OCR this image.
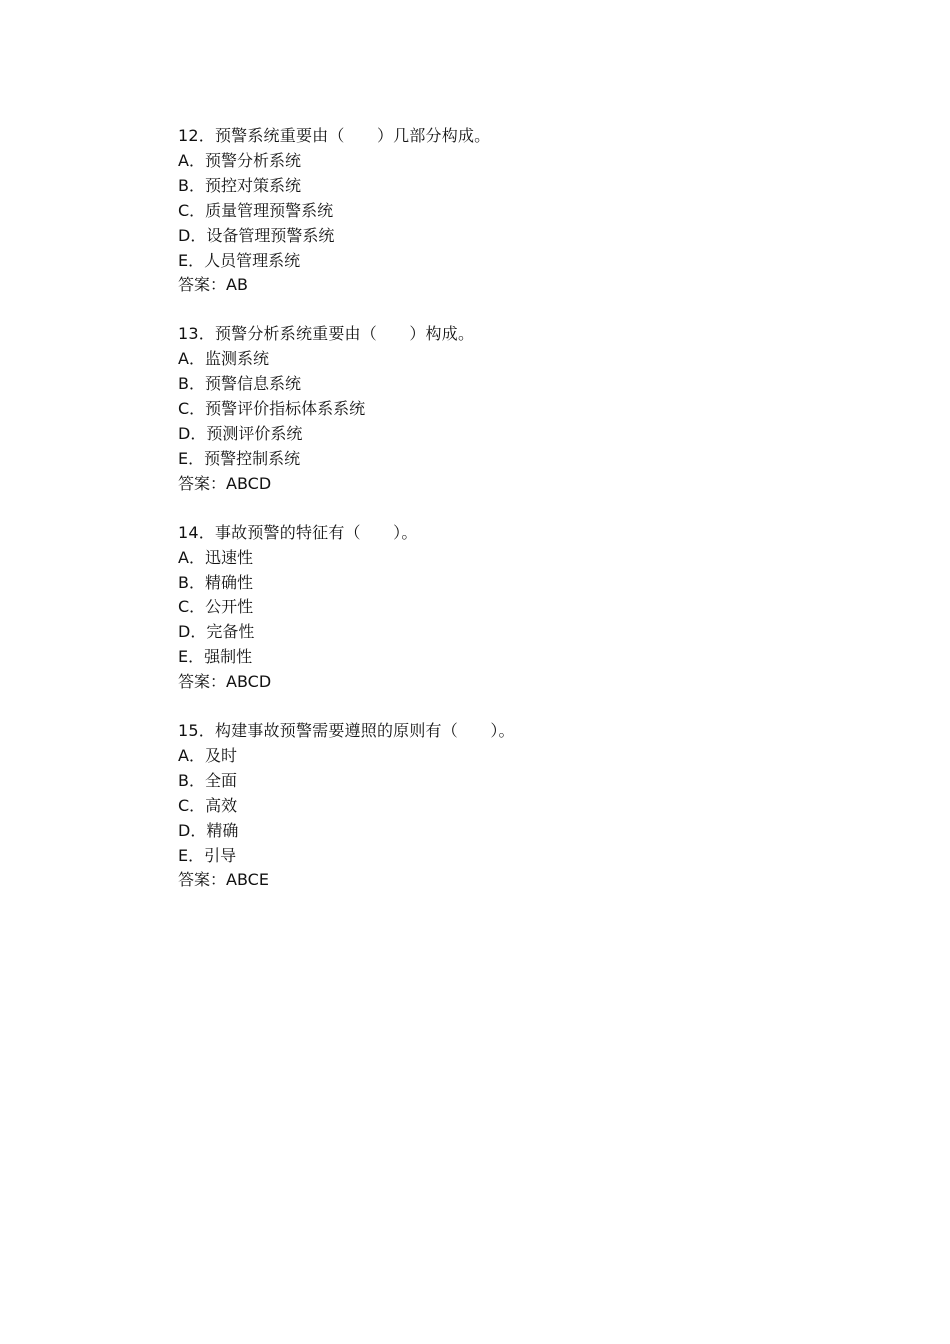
12．预警系统重要由（　　）几部分构成。
A．预警分析系统
B．预控对策系统
C．质量管理预警系统
D．设备管理预警系统
E．人员管理系统
答案：AB
13．预警分析系统重要由（　　）构成。
A．监测系统
B．预警信息系统
C．预警评价指标体系系统
D．预测评价系统
E．预警控制系统
答案：ABCD
14．事故预警的特征有（　　）。
A．迅速性
B．精确性
C．公开性
D．完备性
E．强制性
答案：ABCD
15．构建事故预警需要遵照的原则有（　　）。
A．及时
B．全面
C．高效
D．精确
E．引导
答案：ABCE
